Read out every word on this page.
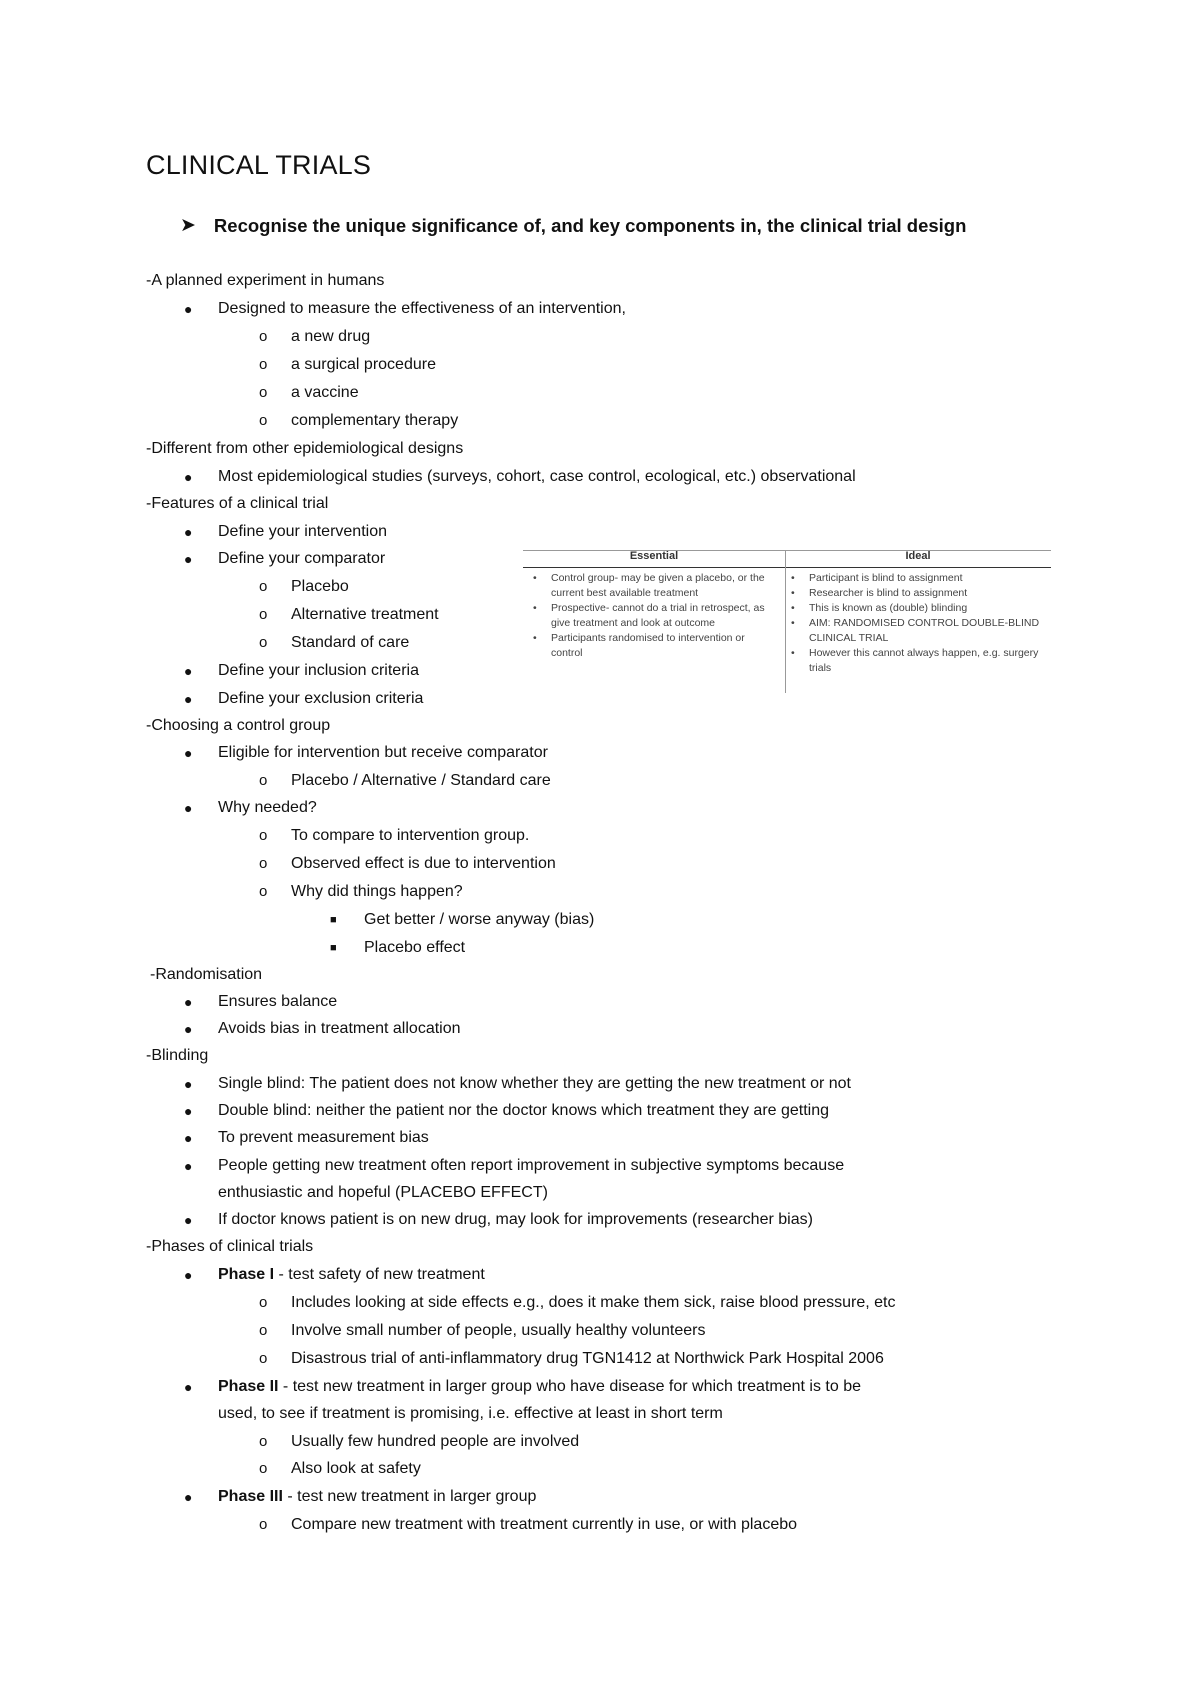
CLINICAL TRIALS
➤ Recognise the unique significance of, and key components in, the clinical trial design
-A planned experiment in humans
● Designed to measure the effectiveness of an intervention,
o a new drug
o a surgical procedure
o a vaccine
o complementary therapy
-Different from other epidemiological designs
● Most epidemiological studies (surveys, cohort, case control, ecological, etc.) observational
-Features of a clinical trial
● Define your intervention
● Define your comparator
o Placebo
o Alternative treatment
o Standard of care
● Define your inclusion criteria
● Define your exclusion criteria
-Choosing a control group
● Eligible for intervention but receive comparator
o Placebo / Alternative / Standard care
● Why needed?
o To compare to intervention group.
o Observed effect is due to intervention
o Why did things happen?
■ Get better / worse anyway (bias)
■ Placebo effect
-Randomisation
● Ensures balance
● Avoids bias in treatment allocation
-Blinding
● Single blind: The patient does not know whether they are getting the new treatment or not
● Double blind: neither the patient nor the doctor knows which treatment they are getting
● To prevent measurement bias
● People getting new treatment often report improvement in subjective symptoms because
enthusiastic and hopeful (PLACEBO EFFECT)
● If doctor knows patient is on new drug, may look for improvements (researcher bias)
-Phases of clinical trials
● Phase I - test safety of new treatment
o Includes looking at side effects e.g., does it make them sick, raise blood pressure, etc
o Involve small number of people, usually healthy volunteers
o Disastrous trial of anti-inflammatory drug TGN1412 at Northwick Park Hospital 2006
● Phase II - test new treatment in larger group who have disease for which treatment is to be
used, to see if treatment is promising, i.e. effective at least in short term
o Usually few hundred people are involved
o Also look at safety
● Phase III - test new treatment in larger group
o Compare new treatment with treatment currently in use, or with placebo
Essential	Ideal
• Control group- may be given a placebo, or the current best available treatment
• Prospective- cannot do a trial in retrospect, as give treatment and look at outcome
• Participants randomised to intervention or control
• Participant is blind to assignment
• Researcher is blind to assignment
• This is known as (double) blinding
• AIM: RANDOMISED CONTROL DOUBLE-BLIND CLINICAL TRIAL
• However this cannot always happen, e.g. surgery trials
